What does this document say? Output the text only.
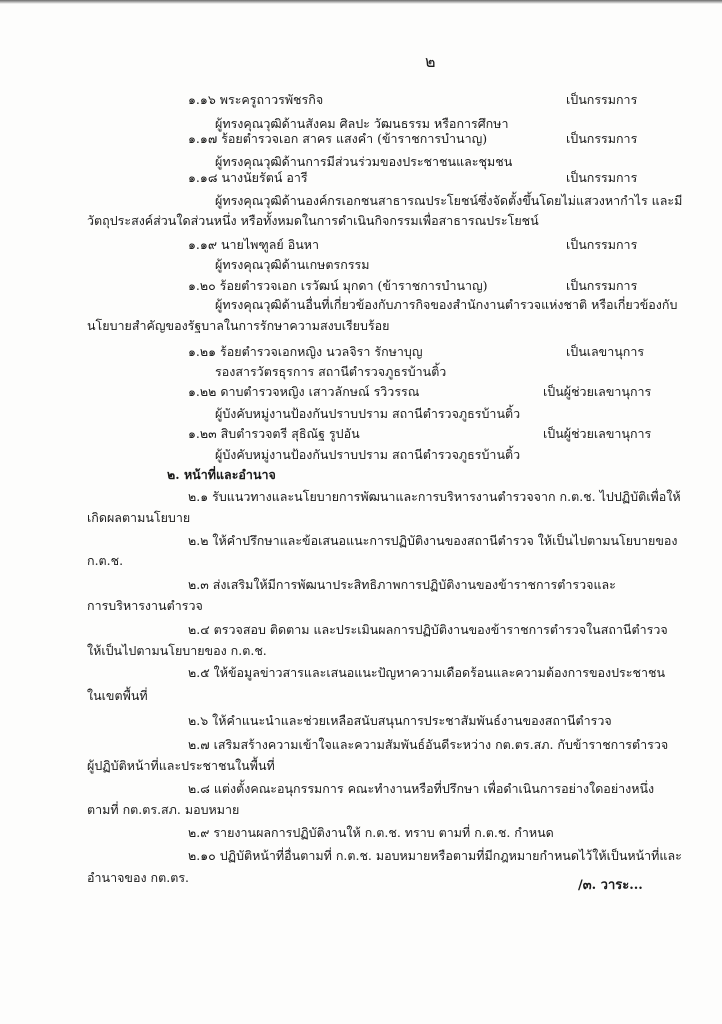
๒
๑.๑๖ พระครูถาวรพัชรกิจ	เป็นกรรมการ
ผู้ทรงคุณวุฒิด้านสังคม ศิลปะ วัฒนธรรม หรือการศึกษา
๑.๑๗ ร้อยตำรวจเอก สาคร แสงคำ (ข้าราชการบำนาญ)	เป็นกรรมการ
ผู้ทรงคุณวุฒิด้านการมีส่วนร่วมของประชาชนและชุมชน
๑.๑๘ นางนัยรัตน์ อารี	เป็นกรรมการ
ผู้ทรงคุณวุฒิด้านองค์กรเอกชนสาธารณประโยชน์ซึ่งจัดตั้งขึ้นโดยไม่แสวงหากำไร และมี
วัตถุประสงค์ส่วนใดส่วนหนึ่ง หรือทั้งหมดในการดำเนินกิจกรรมเพื่อสาธารณประโยชน์
๑.๑๙ นายไพฑูลย์ อินหา	เป็นกรรมการ
ผู้ทรงคุณวุฒิด้านเกษตรกรรม
๑.๒๐ ร้อยตำรวจเอก เรวัฒน์ มุกดา (ข้าราชการบำนาญ)	เป็นกรรมการ
ผู้ทรงคุณวุฒิด้านอื่นที่เกี่ยวข้องกับภารกิจของสำนักงานตำรวจแห่งชาติ หรือเกี่ยวข้องกับ
นโยบายสำคัญของรัฐบาลในการรักษาความสงบเรียบร้อย
๑.๒๑ ร้อยตำรวจเอกหญิง นวลจิรา รักษาบุญ	เป็นเลขานุการ
รองสารวัตรธุรการ สถานีตำรวจภูธรบ้านติ้ว
๑.๒๒ ดาบตำรวจหญิง เสาวลักษณ์ รวิวรรณ	เป็นผู้ช่วยเลขานุการ
ผู้บังคับหมู่งานป้องกันปราบปราม สถานีตำรวจภูธรบ้านติ้ว
๑.๒๓ สิบตำรวจตรี สุธิณัฐ รูปอัน	เป็นผู้ช่วยเลขานุการ
ผู้บังคับหมู่งานป้องกันปราบปราม สถานีตำรวจภูธรบ้านติ้ว
๒. หน้าที่และอำนาจ
๒.๑ รับแนวทางและนโยบายการพัฒนาและการบริหารงานตำรวจจาก ก.ต.ช. ไปปฏิบัติเพื่อให้
เกิดผลตามนโยบาย
๒.๒ ให้คำปรึกษาและข้อเสนอแนะการปฏิบัติงานของสถานีตำรวจ ให้เป็นไปตามนโยบายของ
ก.ต.ช.
๒.๓ ส่งเสริมให้มีการพัฒนาประสิทธิภาพการปฏิบัติงานของข้าราชการตำรวจและ
การบริหารงานตำรวจ
๒.๔ ตรวจสอบ ติดตาม และประเมินผลการปฏิบัติงานของข้าราชการตำรวจในสถานีตำรวจ
ให้เป็นไปตามนโยบายของ ก.ต.ช.
๒.๕ ให้ข้อมูลข่าวสารและเสนอแนะปัญหาความเดือดร้อนและความต้องการของประชาชน
ในเขตพื้นที่
๒.๖ ให้คำแนะนำและช่วยเหลือสนับสนุนการประชาสัมพันธ์งานของสถานีตำรวจ
๒.๗ เสริมสร้างความเข้าใจและความสัมพันธ์อันดีระหว่าง กต.ตร.สภ. กับข้าราชการตำรวจ
ผู้ปฏิบัติหน้าที่และประชาชนในพื้นที่
๒.๘ แต่งตั้งคณะอนุกรรมการ คณะทำงานหรือที่ปรึกษา เพื่อดำเนินการอย่างใดอย่างหนึ่ง
ตามที่ กต.ตร.สภ. มอบหมาย
๒.๙ รายงานผลการปฏิบัติงานให้ ก.ต.ช. ทราบ ตามที่ ก.ต.ช. กำหนด
๒.๑๐ ปฏิบัติหน้าที่อื่นตามที่ ก.ต.ช. มอบหมายหรือตามที่มีกฎหมายกำหนดไว้ให้เป็นหน้าที่และ
อำนาจของ กต.ตร.
/๓. วาระ...
